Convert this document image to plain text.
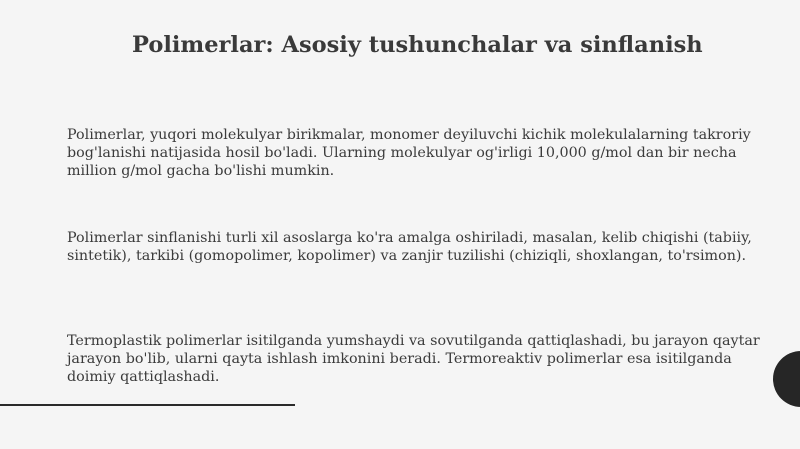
Polimerlar: Asosiy tushunchalar va sinflanish

Polimerlar, yuqori molekulyar birikmalar, monomer deyiluvchi kichik molekulalarning takroriy bog'lanishi natijasida hosil bo'ladi. Ularning molekulyar og'irligi 10,000 g/mol dan bir necha million g/mol gacha bo'lishi mumkin.

Polimerlar sinflanishi turli xil asoslarga ko'ra amalga oshiriladi, masalan, kelib chiqishi (tabiiy, sintetik), tarkibi (gomopolimer, kopolimer) va zanjir tuzilishi (chiziqli, shoxlangan, to'rsimon).

Termoplastik polimerlar isitilganda yumshaydi va sovutilganda qattiqlashadi, bu jarayon qaytar jarayon bo'lib, ularni qayta ishlash imkonini beradi. Termoreaktiv polimerlar esa isitilganda doimiy qattiqlashadi.
